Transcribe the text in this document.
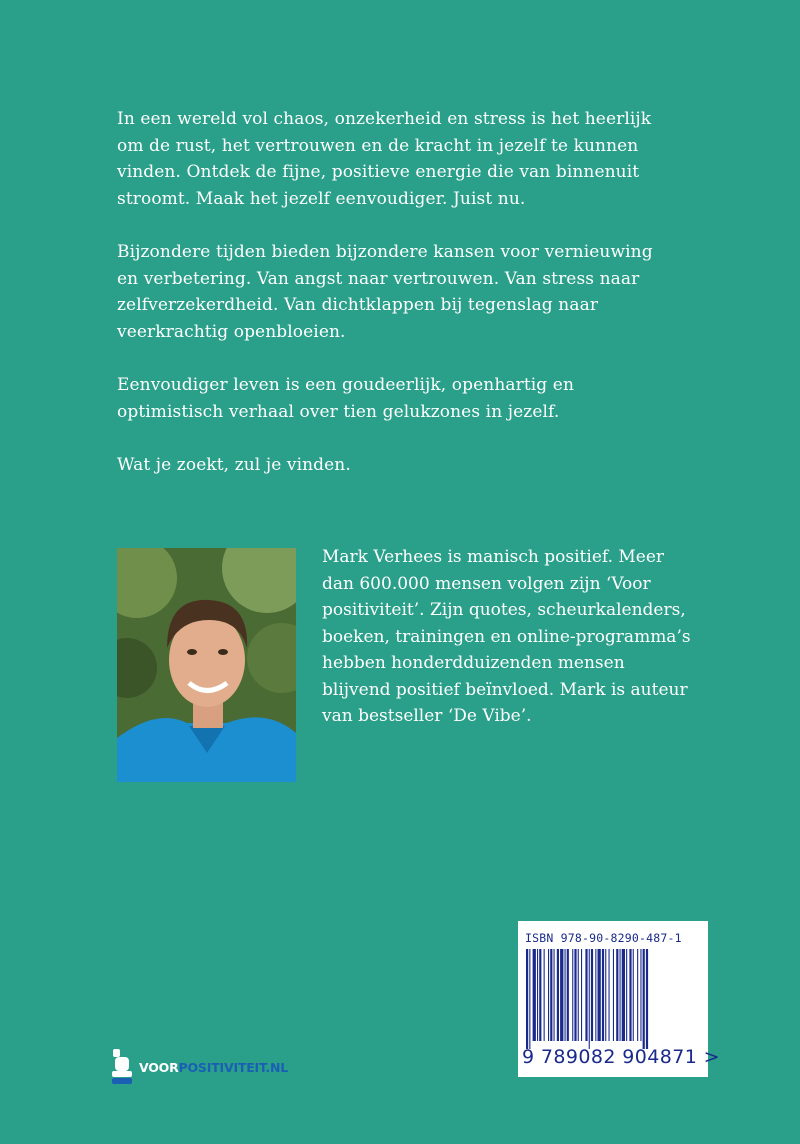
In een wereld vol chaos, onzekerheid en stress is het heerlijk om de rust, het vertrouwen en de kracht in jezelf te kunnen vinden. Ontdek de fijne, positieve energie die van binnenuit stroomt. Maak het jezelf eenvoudiger. Juist nu.

Bijzondere tijden bieden bijzondere kansen voor vernieuwing en verbetering. Van angst naar vertrouwen. Van stress naar zelfverzekerdheid. Van dichtklappen bij tegenslag naar veerkrachtig openbloeien.

Eenvoudiger leven is een goudeerlijk, openhartig en optimistisch verhaal over tien gelukzones in jezelf.

Wat je zoekt, zul je vinden.

Mark Verhees is manisch positief. Meer dan 600.000 mensen volgen zijn ‘Voor positiviteit’. Zijn quotes, scheurkalenders, boeken, trainingen en online-programma’s hebben honderdduizenden mensen blijvend positief beïnvloed. Mark is auteur van bestseller ‘De Vibe’.

ISBN 978-90-8290-487-1
9 789082 904871 >
VOORPOSITIVITEIT.NL
